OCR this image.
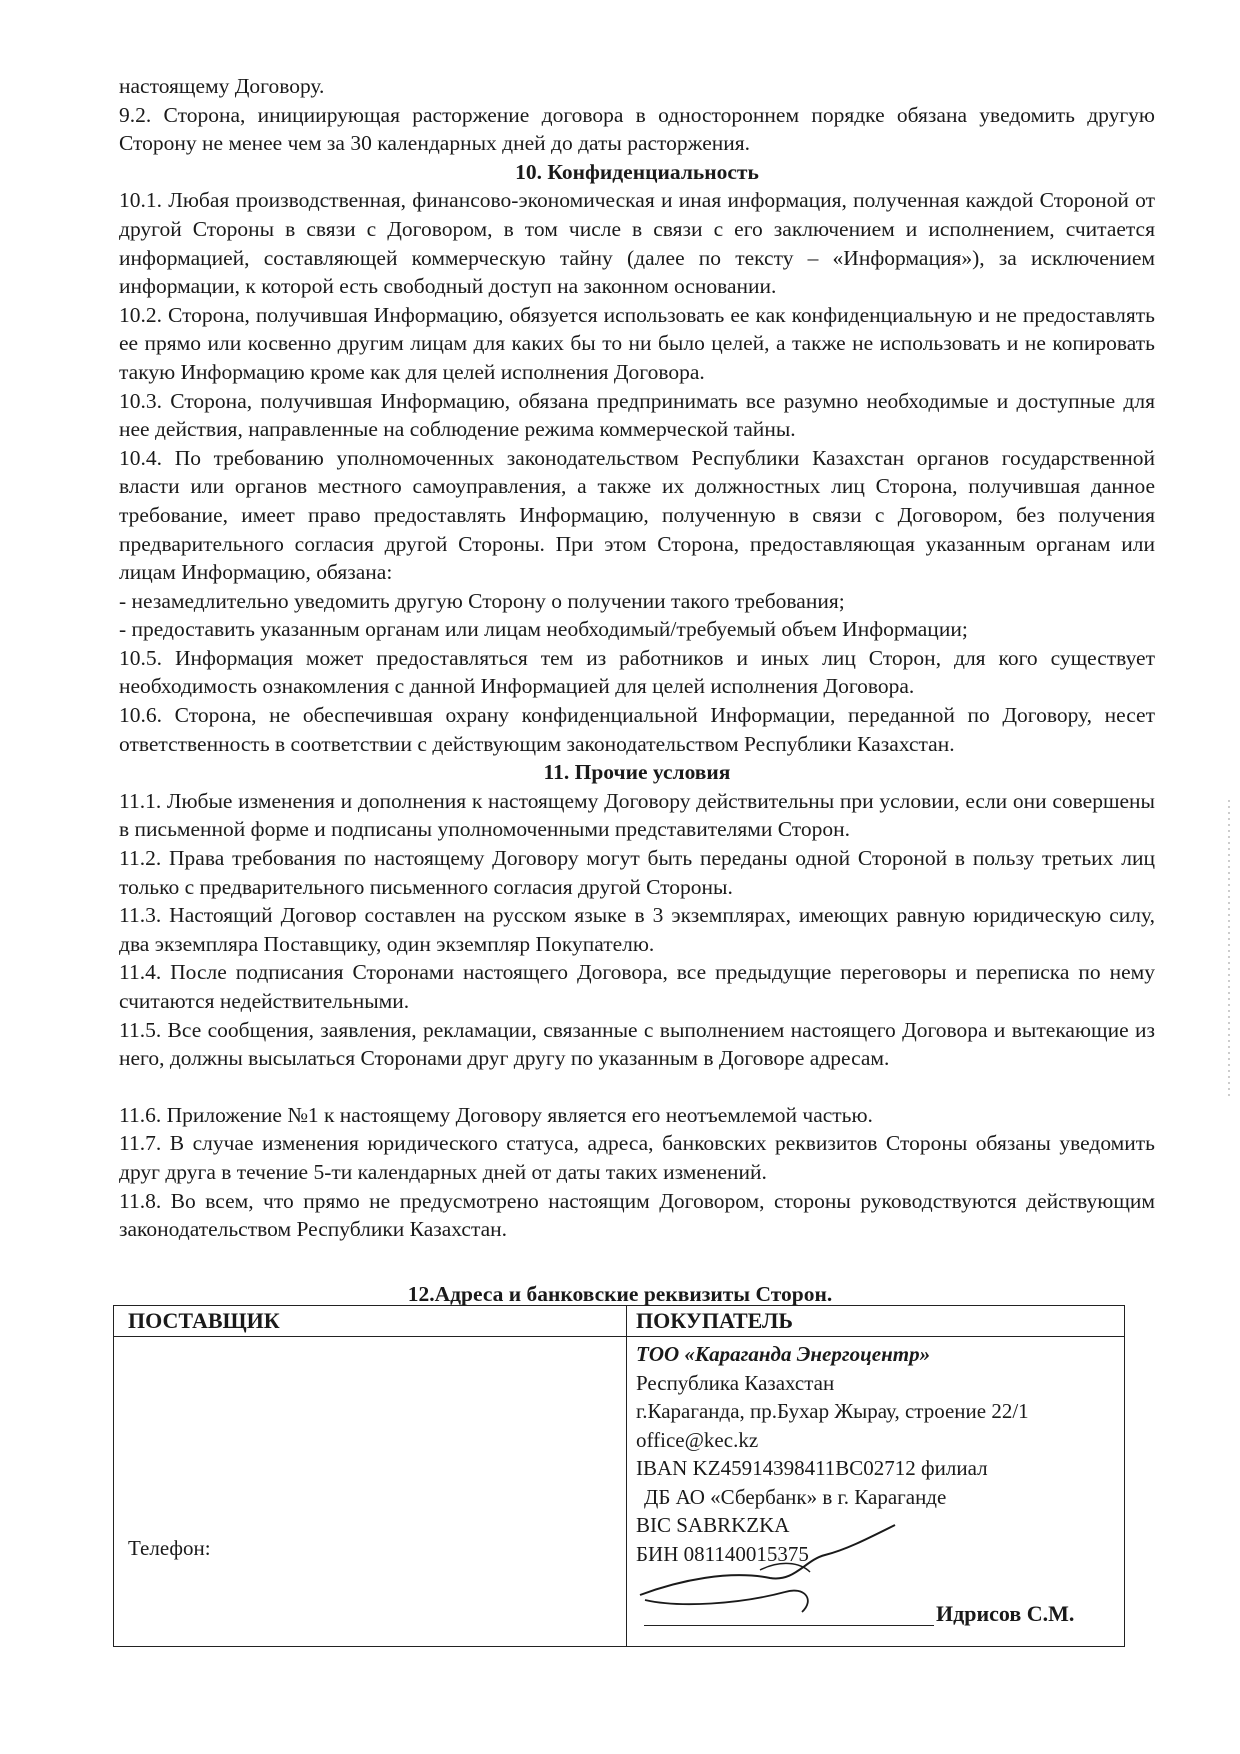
настоящему Договору.

9.2. Сторона, инициирующая расторжение договора в одностороннем порядке обязана уведомить другую Сторону не менее чем за 30 календарных дней до даты расторжения.

10. Конфиденциальность

10.1. Любая производственная, финансово-экономическая и иная информация, полученная каждой Стороной от другой Стороны в связи с Договором, в том числе в связи с его заключением и исполнением, считается информацией, составляющей коммерческую тайну (далее по тексту – «Информация»), за исключением информации, к которой есть свободный доступ на законном основании.

10.2. Сторона, получившая Информацию, обязуется использовать ее как конфиденциальную и не предоставлять ее прямо или косвенно другим лицам для каких бы то ни было целей, а также не использовать и не копировать такую Информацию кроме как для целей исполнения Договора.

10.3. Сторона, получившая Информацию, обязана предпринимать все разумно необходимые и доступные для нее действия, направленные на соблюдение режима коммерческой тайны.

10.4. По требованию уполномоченных законодательством Республики Казахстан органов государственной власти или органов местного самоуправления, а также их должностных лиц Сторона, получившая данное требование, имеет право предоставлять Информацию, полученную в связи с Договором, без получения предварительного согласия другой Стороны. При этом Сторона, предоставляющая указанным органам или лицам Информацию, обязана:

- незамедлительно уведомить другую Сторону о получении такого требования;

- предоставить указанным органам или лицам необходимый/требуемый объем Информации;

10.5. Информация может предоставляться тем из работников и иных лиц Сторон, для кого существует необходимость ознакомления с данной Информацией для целей исполнения Договора.

10.6. Сторона, не обеспечившая охрану конфиденциальной Информации, переданной по Договору, несет ответственность в соответствии с действующим законодательством Республики Казахстан.

11. Прочие условия

11.1. Любые изменения и дополнения к настоящему Договору действительны при условии, если они совершены в письменной форме и подписаны уполномоченными представителями Сторон.

11.2. Права требования по настоящему Договору могут быть переданы одной Стороной в пользу третьих лиц только с предварительного письменного согласия другой Стороны.

11.3. Настоящий Договор составлен на русском языке в 3 экземплярах, имеющих равную юридическую силу, два экземпляра Поставщику, один экземпляр Покупателю.

11.4. После подписания Сторонами настоящего Договора, все предыдущие переговоры и переписка по нему считаются недействительными.

11.5. Все сообщения, заявления, рекламации, связанные с выполнением настоящего Договора и вытекающие из него, должны высылаться Сторонами друг другу по указанным в Договоре адресам.

11.6. Приложение №1 к настоящему Договору является его неотъемлемой частью.

11.7. В случае изменения юридического статуса, адреса, банковских реквизитов Стороны обязаны уведомить друг друга в течение 5-ти календарных дней от даты таких изменений.

11.8. Во всем, что прямо не предусмотрено настоящим Договором, стороны руководствуются действующим законодательством Республики Казахстан.

12.Адреса и банковские реквизиты Сторон.
ПОСТАВЩИК	ПОКУПАТЕЛЬ
Телефон:
ТОО «Караганда Энергоцентр»
Республика Казахстан
г.Караганда, пр.Бухар Жырау, строение 22/1
office@kec.kz
IBAN KZ45914398411BC02712 филиал
ДБ АО «Сбербанк» в г. Караганде
BIC SABRKZKA
БИН 081140015375
Идрисов С.М.
